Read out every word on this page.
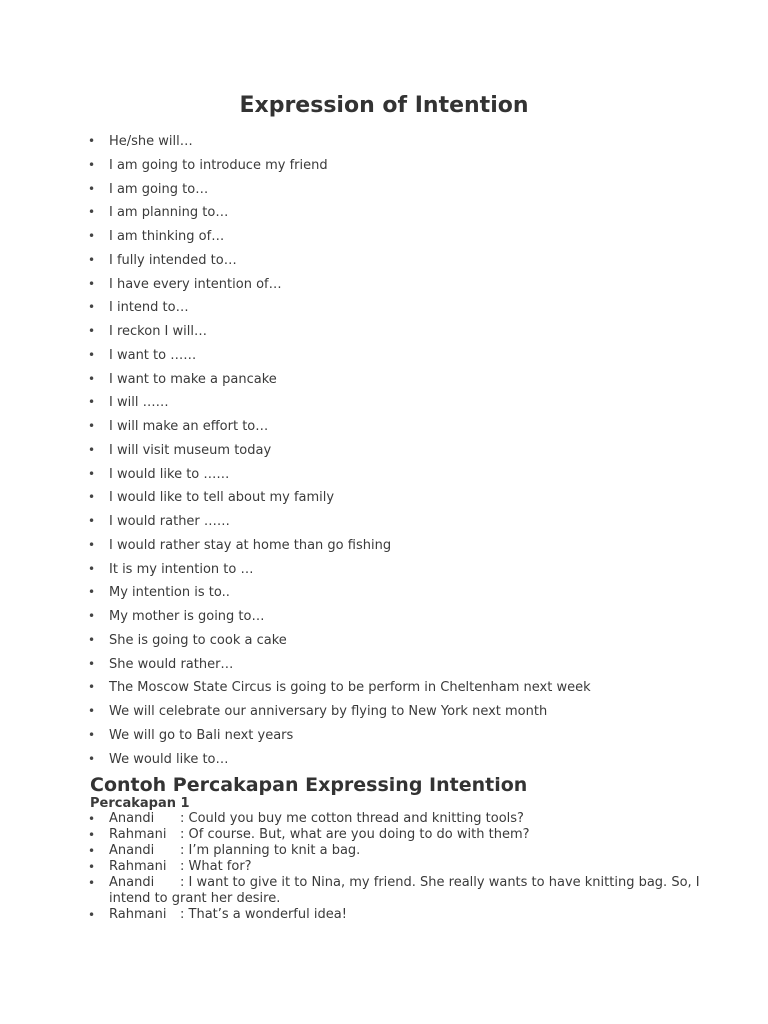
Expression of Intention
• He/she will…
• I am going to introduce my friend
• I am going to…
• I am planning to…
• I am thinking of…
• I fully intended to…
• I have every intention of…
• I intend to…
• I reckon I will…
• I want to ……
• I want to make a pancake
• I will ……
• I will make an effort to…
• I will visit museum today
• I would like to ……
• I would like to tell about my family
• I would rather ……
• I would rather stay at home than go fishing
• It is my intention to …
• My intention is to..
• My mother is going to…
• She is going to cook a cake
• She would rather…
• The Moscow State Circus is going to be perform in Cheltenham next week
• We will celebrate our anniversary by flying to New York next month
• We will go to Bali next years
• We would like to…
Contoh Percakapan Expressing Intention
Percakapan 1
• Anandi : Could you buy me cotton thread and knitting tools?
• Rahmani : Of course. But, what are you doing to do with them?
• Anandi : I’m planning to knit a bag.
• Rahmani : What for?
• Anandi : I want to give it to Nina, my friend. She really wants to have knitting bag. So, I intend to grant her desire.
• Rahmani : That’s a wonderful idea!
